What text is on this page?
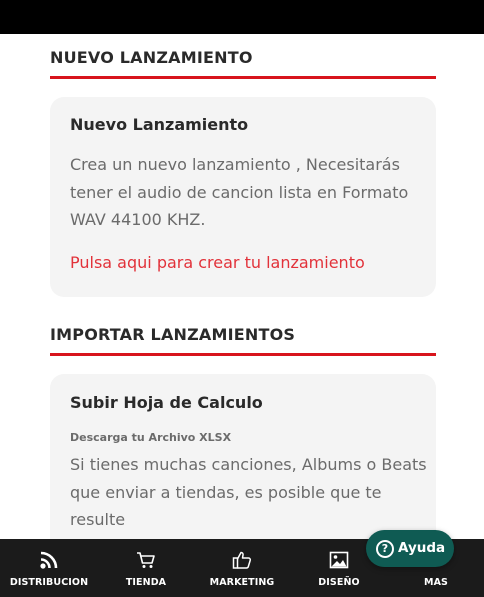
NUEVO LANZAMIENTO
Nuevo Lanzamiento
Crea un nuevo lanzamiento , Necesitarás
tener el audio de cancion lista en Formato
WAV 44100 KHZ.
Pulsa aqui para crear tu lanzamiento
IMPORTAR LANZAMIENTOS
Subir Hoja de Calculo
Descarga tu Archivo XLSX
Si tienes muchas canciones, Albums o Beats
que enviar a tiendas, es posible que te resulte
DISTRIBUCION	TIENDA	MARKETING	DISEÑO	MAS
? Ayuda
